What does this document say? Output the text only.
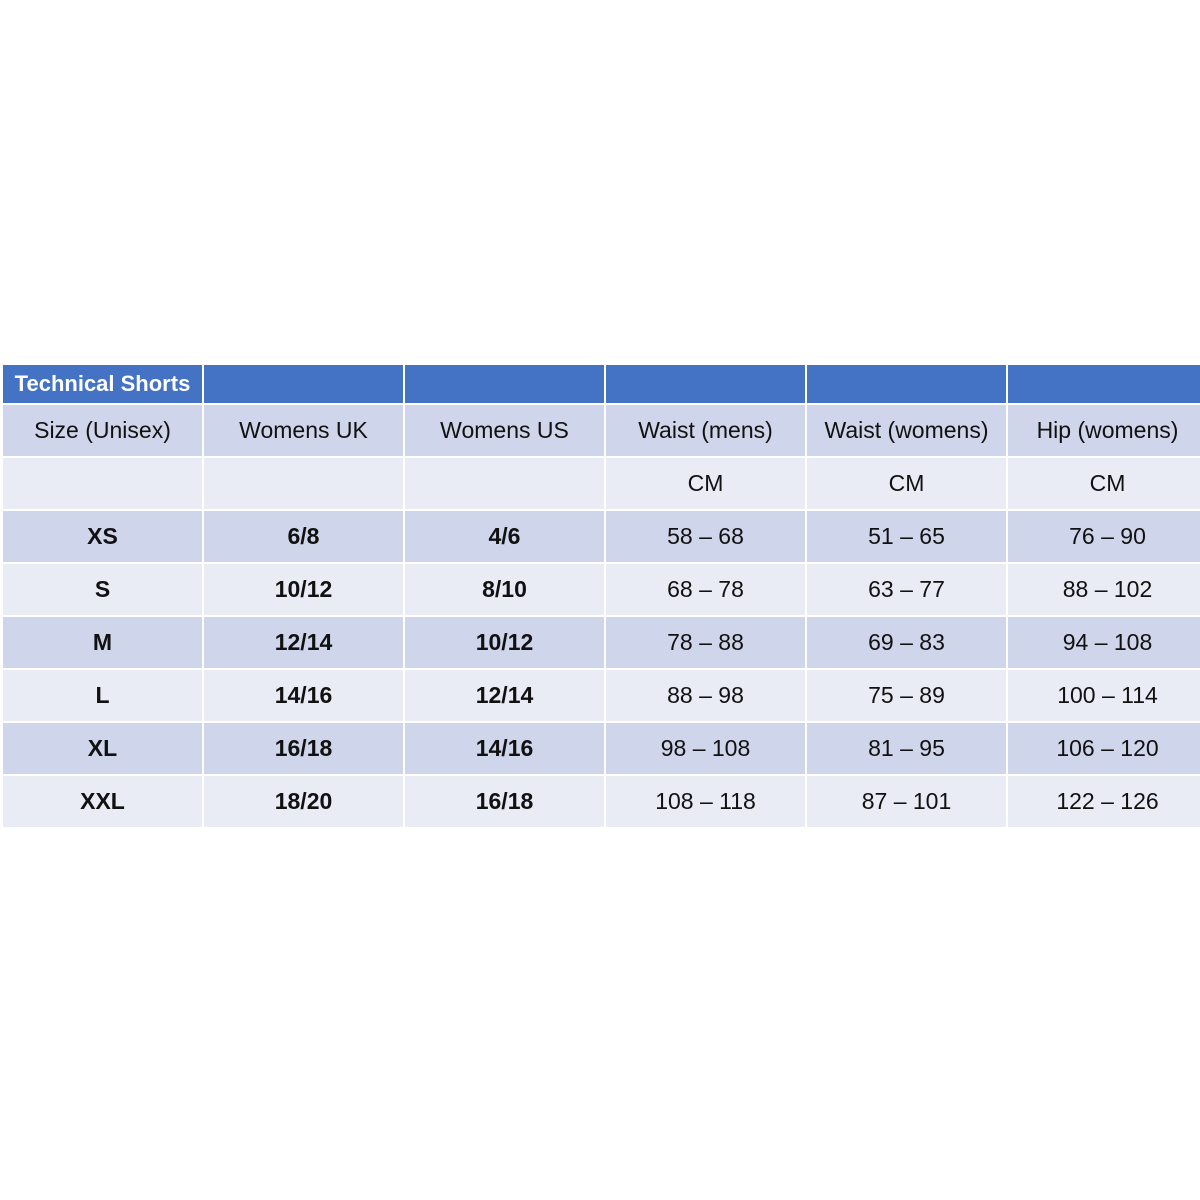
Technical Shorts					
Size (Unisex)	Womens UK	Womens US	Waist (mens)	Waist (womens)	Hip (womens)
			CM	CM	CM
XS	6/8	4/6	58 – 68	51 – 65	76 – 90
S	10/12	8/10	68 – 78	63 – 77	88 – 102
M	12/14	10/12	78 – 88	69 – 83	94 – 108
L	14/16	12/14	88 – 98	75 – 89	100 – 114
XL	16/18	14/16	98 – 108	81 – 95	106 – 120
XXL	18/20	16/18	108 – 118	87 – 101	122 – 126
